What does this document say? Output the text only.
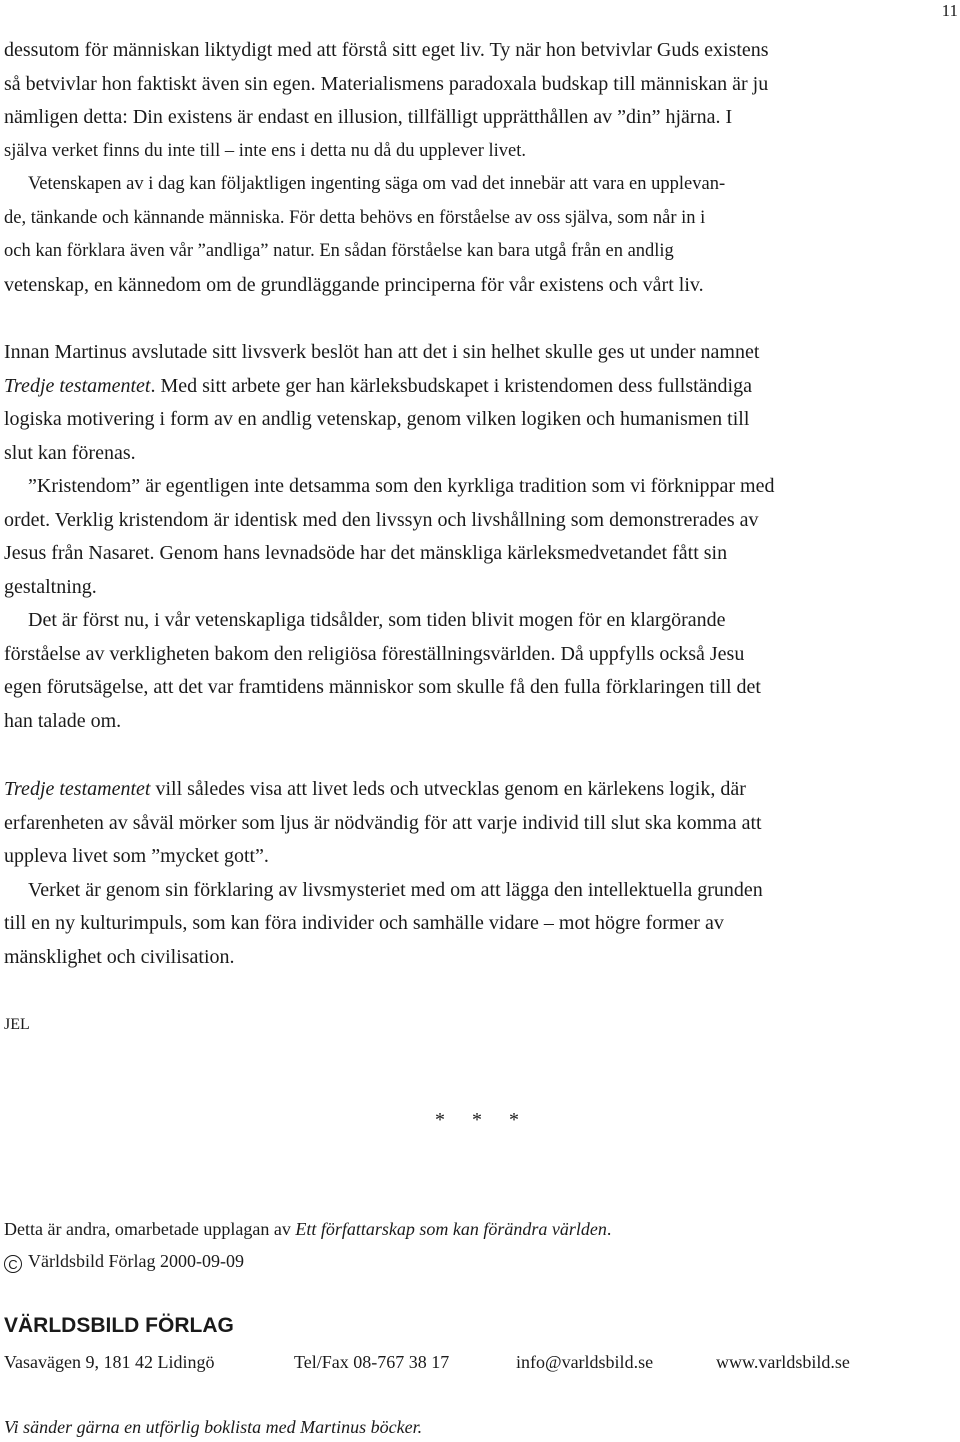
11
dessutom för människan liktydigt med att förstå sitt eget liv. Ty när hon betvivlar Guds existens
så betvivlar hon faktiskt även sin egen. Materialismens paradoxala budskap till människan är ju
nämligen detta: Din existens är endast en illusion, tillfälligt upprätthållen av ”din” hjärna. I
själva verket finns du inte till – inte ens i detta nu då du upplever livet.
Vetenskapen av i dag kan följaktligen ingenting säga om vad det innebär att vara en upplevan-
de, tänkande och kännande människa. För detta behövs en förståelse av oss själva, som når in i
och kan förklara även vår ”andliga” natur. En sådan förståelse kan bara utgå från en andlig
vetenskap, en kännedom om de grundläggande principerna för vår existens och vårt liv.
Innan Martinus avslutade sitt livsverk beslöt han att det i sin helhet skulle ges ut under namnet
Tredje testamentet. Med sitt arbete ger han kärleksbudskapet i kristendomen dess fullständiga
logiska motivering i form av en andlig vetenskap, genom vilken logiken och humanismen till
slut kan förenas.
”Kristendom” är egentligen inte detsamma som den kyrkliga tradition som vi förknippar med
ordet. Verklig kristendom är identisk med den livssyn och livshållning som demonstrerades av
Jesus från Nasaret. Genom hans levnadsöde har det mänskliga kärleksmedvetandet fått sin
gestaltning.
Det är först nu, i vår vetenskapliga tidsålder, som tiden blivit mogen för en klargörande
förståelse av verkligheten bakom den religiösa föreställningsvärlden. Då uppfylls också Jesu
egen förutsägelse, att det var framtidens människor som skulle få den fulla förklaringen till det
han talade om.
Tredje testamentet vill således visa att livet leds och utvecklas genom en kärlekens logik, där
erfarenheten av såväl mörker som ljus är nödvändig för att varje individ till slut ska komma att
uppleva livet som ”mycket gott”.
Verket är genom sin förklaring av livsmysteriet med om att lägga den intellektuella grunden
till en ny kulturimpuls, som kan föra individer och samhälle vidare – mot högre former av
mänsklighet och civilisation.
JEL
* * *
Detta är andra, omarbetade upplagan av Ett författarskap som kan förändra världen.
C Världsbild Förlag 2000-09-09
VÄRLDSBILD FÖRLAG
Vasavägen 9, 181 42 Lidingö	Tel/Fax 08-767 38 17	info@varldsbild.se	www.varldsbild.se
Vi sänder gärna en utförlig boklista med Martinus böcker.
